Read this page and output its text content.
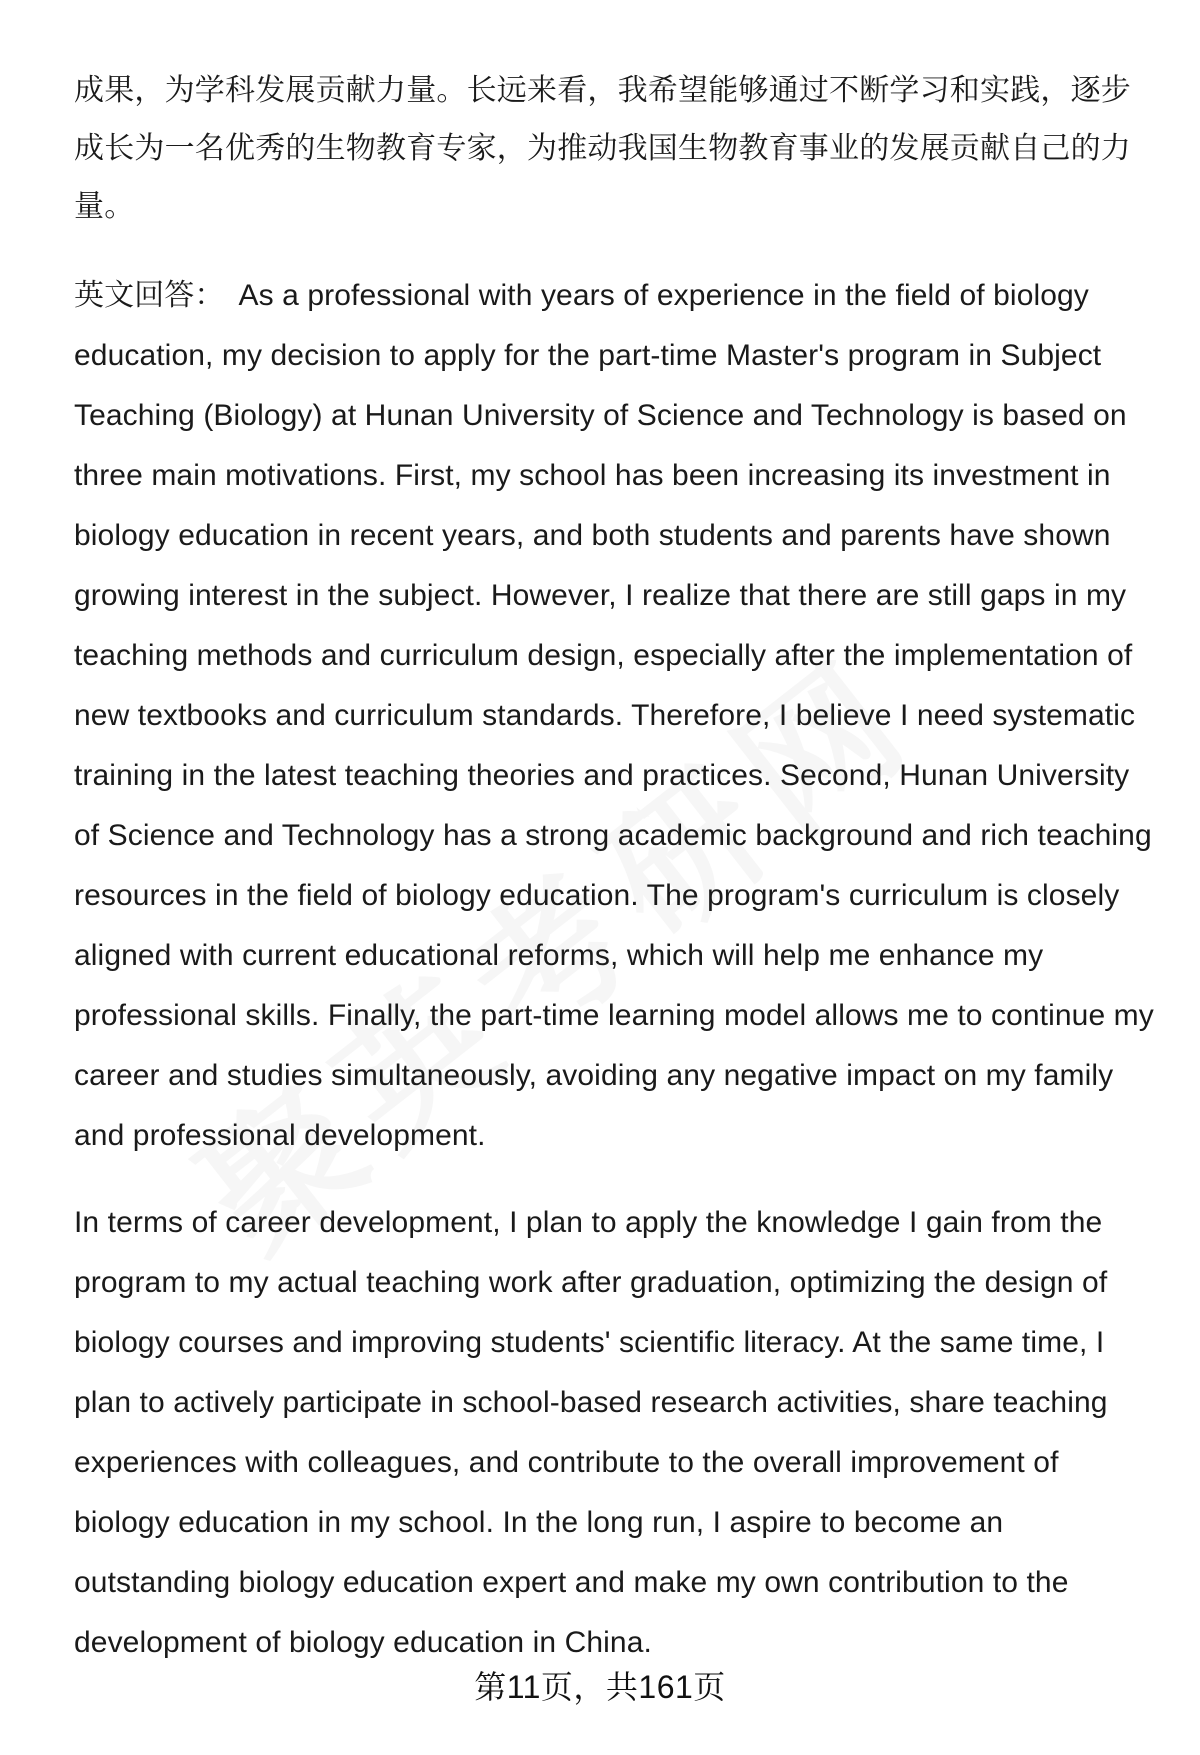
成果，为学科发展贡献力量。长远来看，我希望能够通过不断学习和实践，逐步成长为一名优秀的生物教育专家，为推动我国生物教育事业的发展贡献自己的力量。

英文回答： As a professional with years of experience in the field of biology education, my decision to apply for the part-time Master's program in Subject Teaching (Biology) at Hunan University of Science and Technology is based on three main motivations. First, my school has been increasing its investment in biology education in recent years, and both students and parents have shown growing interest in the subject. However, I realize that there are still gaps in my teaching methods and curriculum design, especially after the implementation of new textbooks and curriculum standards. Therefore, I believe I need systematic training in the latest teaching theories and practices. Second, Hunan University of Science and Technology has a strong academic background and rich teaching resources in the field of biology education. The program's curriculum is closely aligned with current educational reforms, which will help me enhance my professional skills. Finally, the part-time learning model allows me to continue my career and studies simultaneously, avoiding any negative impact on my family and professional development.

In terms of career development, I plan to apply the knowledge I gain from the program to my actual teaching work after graduation, optimizing the design of biology courses and improving students' scientific literacy. At the same time, I plan to actively participate in school-based research activities, share teaching experiences with colleagues, and contribute to the overall improvement of biology education in my school. In the long run, I aspire to become an outstanding biology education expert and make my own contribution to the development of biology education in China.

第11页，共161页
